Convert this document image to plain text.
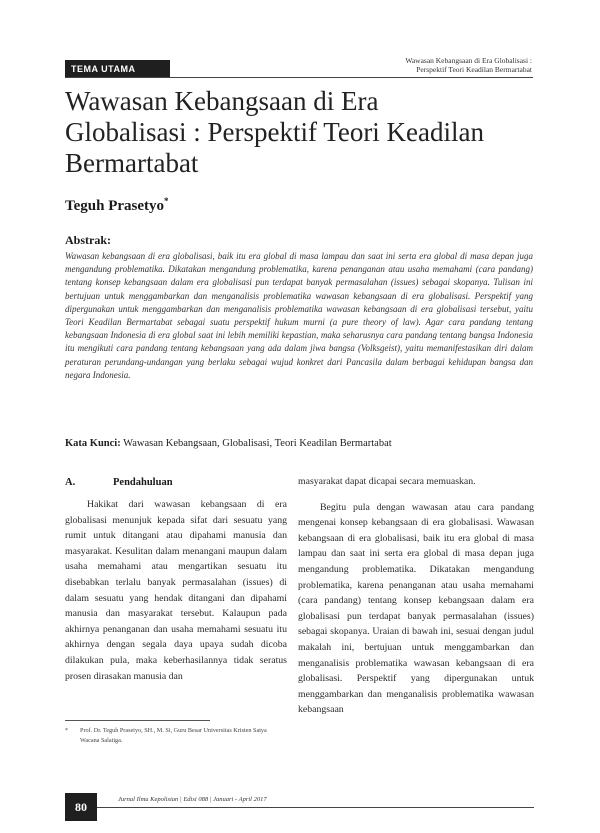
TEMA UTAMA
Wawasan Kebangsaan di Era Globalisasi :
Perspektif Teori Keadilan Bermartabat
Wawasan Kebangsaan di Era Globalisasi : Perspektif Teori Keadilan Bermartabat
Teguh Prasetyo*
Abstrak:

Wawasan kebangsaan di era globalisasi, baik itu era global di masa lampau dan saat ini serta era global di masa depan juga mengandung problematika. Dikatakan mengandung problematika, karena penanganan atau usaha memahami (cara pandang) tentang konsep kebangsaan dalam era globalisasi pun terdapat banyak permasalahan (issues) sebagai skopanya. Tulisan ini bertujuan untuk menggambarkan dan menganalisis problematika wawasan kebangsaan di era globalisasi. Perspektif yang dipergunakan untuk menggambarkan dan menganalisis problematika wawasan kebangsaan di era globalisasi tersebut, yaitu Teori Keadilan Bermartabat sebagai suatu perspektif hukum murni (a pure theory of law). Agar cara pandang tentang kebangsaan Indonesia di era global saat ini lebih memiliki kepastian, maka seharusnya cara pandang tentang bangsa Indonesia itu mengikuti cara pandang tentang kebangsaan yang ada dalam jiwa bangsa (Volksgeist), yaitu memanifestasikan diri dalam peraturan perundang-undangan yang berlaku sebagai wujud konkret dari Pancasila dalam berbagai kehidupan bangsa dan negara Indonesia.

Kata Kunci: Wawasan Kebangsaan, Globalisasi, Teori Keadilan Bermartabat
A.	Pendahuluan

Hakikat dari wawasan kebangsaan di era globalisasi menunjuk kepada sifat dari sesuatu yang rumit untuk ditangani atau dipahami manusia dan masyarakat. Kesulitan dalam menangani maupun dalam usaha memahami atau mengartikan sesuatu itu disebabkan terlalu banyak permasalahan (issues) di dalam sesuatu yang hendak ditangani dan dipahami manusia dan masyarakat tersebut. Kalaupun pada akhirnya penanganan dan usaha memahami sesuatu itu akhirnya dengan segala daya upaya sudah dicoba dilakukan pula, maka keberhasilannya tidak seratus prosen dirasakan manusia dan

masyarakat dapat dicapai secara memuaskan.

Begitu pula dengan wawasan atau cara pandang mengenai konsep kebangsaan di era globalisasi. Wawasan kebangsaan di era globalisasi, baik itu era global di masa lampau dan saat ini serta era global di masa depan juga mengandung problematika. Dikatakan mengandung problematika, karena penanganan atau usaha memahami (cara pandang) tentang konsep kebangsaan dalam era globalisasi pun terdapat banyak permasalahan (issues) sebagai skopanya. Uraian di bawah ini, sesuai dengan judul makalah ini, bertujuan untuk menggambarkan dan menganalisis problematika wawasan kebangsaan di era globalisasi. Perspektif yang dipergunakan untuk menggambarkan dan menganalisis problematika wawasan kebangsaan

*	Prof. Dr. Teguh Prasetyo, SH., M. Si, Guru Besar Universitas Kristen Satya Wacana Salatiga.
80
Jurnal Ilmu Kepolisian | Edisi 088 | Januari - April 2017
